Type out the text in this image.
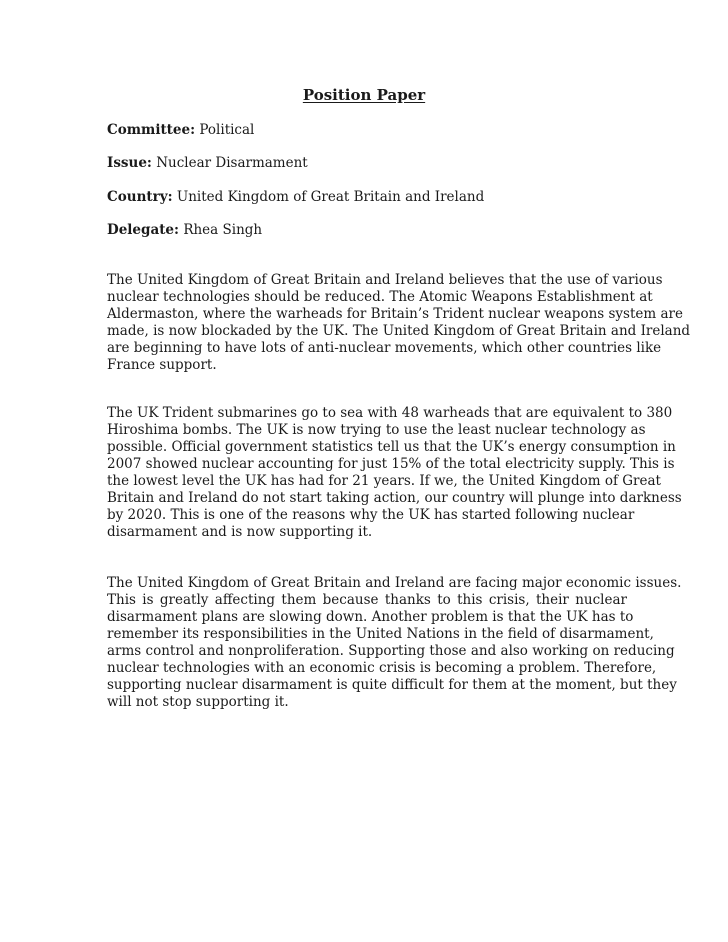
Position Paper
Committee: Political
Issue: Nuclear Disarmament
Country: United Kingdom of Great Britain and Ireland
Delegate: Rhea Singh
The United Kingdom of Great Britain and Ireland believes that the use of various
nuclear technologies should be reduced. The Atomic Weapons Establishment at
Aldermaston, where the warheads for Britain’s Trident nuclear weapons system are
made, is now blockaded by the UK. The United Kingdom of Great Britain and Ireland
are beginning to have lots of anti-nuclear movements, which other countries like
France support.
The UK Trident submarines go to sea with 48 warheads that are equivalent to 380
Hiroshima bombs. The UK is now trying to use the least nuclear technology as
possible. Official government statistics tell us that the UK’s energy consumption in
2007 showed nuclear accounting for just 15% of the total electricity supply. This is
the lowest level the UK has had for 21 years. If we, the United Kingdom of Great
Britain and Ireland do not start taking action, our country will plunge into darkness
by 2020. This is one of the reasons why the UK has started following nuclear
disarmament and is now supporting it.
The United Kingdom of Great Britain and Ireland are facing major economic issues.
This is greatly affecting them because thanks to this crisis, their nuclear
disarmament plans are slowing down. Another problem is that the UK has to
remember its responsibilities in the United Nations in the field of disarmament,
arms control and nonproliferation. Supporting those and also working on reducing
nuclear technologies with an economic crisis is becoming a problem. Therefore,
supporting nuclear disarmament is quite difficult for them at the moment, but they
will not stop supporting it.
